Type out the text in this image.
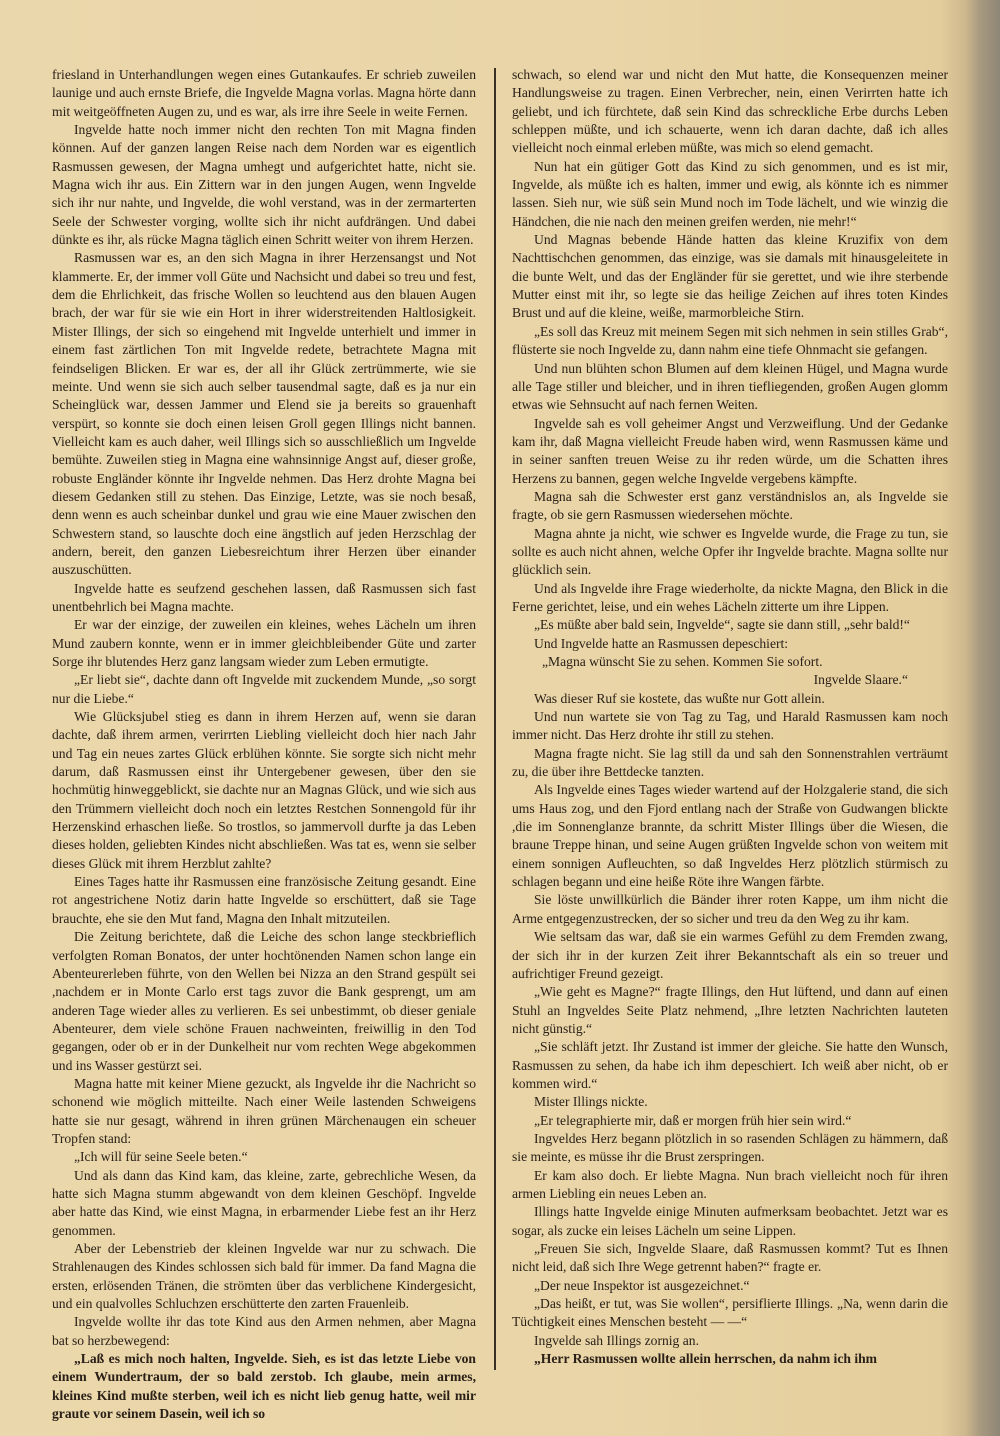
friesland in Unterhandlungen wegen eines Gutankaufes. Er schrieb zuweilen launige und auch ernste Briefe, die Ingvelde Magna vorlas. Magna hörte dann mit weitgeöffneten Augen zu, und es war, als irre ihre Seele in weite Fernen.

Ingvelde hatte noch immer nicht den rechten Ton mit Magna finden können. Auf der ganzen langen Reise nach dem Norden war es eigentlich Rasmussen gewesen, der Magna umhegt und aufgerichtet hatte, nicht sie. Magna wich ihr aus. Ein Zittern war in den jungen Augen, wenn Ingvelde sich ihr nur nahte, und Ingvelde, die wohl verstand, was in der zermarterten Seele der Schwester vorging, wollte sich ihr nicht aufdrängen. Und dabei dünkte es ihr, als rücke Magna täglich einen Schritt weiter von ihrem Herzen.

Rasmussen war es, an den sich Magna in ihrer Herzensangst und Not klammerte. Er, der immer voll Güte und Nachsicht und dabei so treu und fest, dem die Ehrlichkeit, das frische Wollen so leuchtend aus den blauen Augen brach, der war für sie wie ein Hort in ihrer widerstreitenden Haltlosigkeit. Mister Illings, der sich so eingehend mit Ingvelde unterhielt und immer in einem fast zärtlichen Ton mit Ingvelde redete, betrachtete Magna mit feindseligen Blicken. Er war es, der all ihr Glück zertrümmerte, wie sie meinte. Und wenn sie sich auch selber tausendmal sagte, daß es ja nur ein Scheinglück war, dessen Jammer und Elend sie ja bereits so grauenhaft verspürt, so konnte sie doch einen leisen Groll gegen Illings nicht bannen. Vielleicht kam es auch daher, weil Illings sich so ausschließlich um Ingvelde bemühte. Zuweilen stieg in Magna eine wahnsinnige Angst auf, dieser große, robuste Engländer könnte ihr Ingvelde nehmen. Das Herz drohte Magna bei diesem Gedanken still zu stehen. Das Einzige, Letzte, was sie noch besaß, denn wenn es auch scheinbar dunkel und grau wie eine Mauer zwischen den Schwestern stand, so lauschte doch eine ängstlich auf jeden Herzschlag der andern, bereit, den ganzen Liebesreichtum ihrer Herzen über einander auszuschütten.

Ingvelde hatte es seufzend geschehen lassen, daß Rasmussen sich fast unentbehrlich bei Magna machte.

Er war der einzige, der zuweilen ein kleines, wehes Lächeln um ihren Mund zaubern konnte, wenn er in immer gleichbleibender Güte und zarter Sorge ihr blutendes Herz ganz langsam wieder zum Leben ermutigte.

„Er liebt sie“, dachte dann oft Ingvelde mit zuckendem Munde, „so sorgt nur die Liebe.“

Wie Glücksjubel stieg es dann in ihrem Herzen auf, wenn sie daran dachte, daß ihrem armen, verirrten Liebling vielleicht doch hier nach Jahr und Tag ein neues zartes Glück erblühen könnte. Sie sorgte sich nicht mehr darum, daß Rasmussen einst ihr Untergebener gewesen, über den sie hochmütig hinweggeblickt, sie dachte nur an Magnas Glück, und wie sich aus den Trümmern vielleicht doch noch ein letztes Restchen Sonnengold für ihr Herzenskind erhaschen ließe. So trostlos, so jammervoll durfte ja das Leben dieses holden, geliebten Kindes nicht abschließen. Was tat es, wenn sie selber dieses Glück mit ihrem Herzblut zahlte?

Eines Tages hatte ihr Rasmussen eine französische Zeitung gesandt. Eine rot angestrichene Notiz darin hatte Ingvelde so erschüttert, daß sie Tage brauchte, ehe sie den Mut fand, Magna den Inhalt mitzuteilen.

Die Zeitung berichtete, daß die Leiche des schon lange steckbrieflich verfolgten Roman Bonatos, der unter hochtönenden Namen schon lange ein Abenteurerleben führte, von den Wellen bei Nizza an den Strand gespült sei ,nachdem er in Monte Carlo erst tags zuvor die Bank gesprengt, um am anderen Tage wieder alles zu verlieren. Es sei unbestimmt, ob dieser geniale Abenteurer, dem viele schöne Frauen nachweinten, freiwillig in den Tod gegangen, oder ob er in der Dunkelheit nur vom rechten Wege abgekommen und ins Wasser gestürzt sei.

Magna hatte mit keiner Miene gezuckt, als Ingvelde ihr die Nachricht so schonend wie möglich mitteilte. Nach einer Weile lastenden Schweigens hatte sie nur gesagt, während in ihren grünen Märchenaugen ein scheuer Tropfen stand:

„Ich will für seine Seele beten.“

Und als dann das Kind kam, das kleine, zarte, gebrechliche Wesen, da hatte sich Magna stumm abgewandt von dem kleinen Geschöpf. Ingvelde aber hatte das Kind, wie einst Magna, in erbarmender Liebe fest an ihr Herz genommen.

Aber der Lebenstrieb der kleinen Ingvelde war nur zu schwach. Die Strahlenaugen des Kindes schlossen sich bald für immer. Da fand Magna die ersten, erlösenden Tränen, die strömten über das verblichene Kindergesicht, und ein qualvolles Schluchzen erschütterte den zarten Frauenleib.

Ingvelde wollte ihr das tote Kind aus den Armen nehmen, aber Magna bat so herzbewegend:

„Laß es mich noch halten, Ingvelde. Sieh, es ist das letzte Liebe von einem Wundertraum, der so bald zerstob. Ich glaube, mein armes, kleines Kind mußte sterben, weil ich es nicht lieb genug hatte, weil mir graute vor seinem Dasein, weil ich so

schwach, so elend war und nicht den Mut hatte, die Konsequenzen meiner Handlungsweise zu tragen. Einen Verbrecher, nein, einen Verirrten hatte ich geliebt, und ich fürchtete, daß sein Kind das schreckliche Erbe durchs Leben schleppen müßte, und ich schauerte, wenn ich daran dachte, daß ich alles vielleicht noch einmal erleben müßte, was mich so elend gemacht.

Nun hat ein gütiger Gott das Kind zu sich genommen, und es ist mir, Ingvelde, als müßte ich es halten, immer und ewig, als könnte ich es nimmer lassen. Sieh nur, wie süß sein Mund noch im Tode lächelt, und wie winzig die Händchen, die nie nach den meinen greifen werden, nie mehr!“

Und Magnas bebende Hände hatten das kleine Kruzifix von dem Nachttischchen genommen, das einzige, was sie damals mit hinausgeleitete in die bunte Welt, und das der Engländer für sie gerettet, und wie ihre sterbende Mutter einst mit ihr, so legte sie das heilige Zeichen auf ihres toten Kindes Brust und auf die kleine, weiße, marmorbleiche Stirn.

„Es soll das Kreuz mit meinem Segen mit sich nehmen in sein stilles Grab“, flüsterte sie noch Ingvelde zu, dann nahm eine tiefe Ohnmacht sie gefangen.

Und nun blühten schon Blumen auf dem kleinen Hügel, und Magna wurde alle Tage stiller und bleicher, und in ihren tiefliegenden, großen Augen glomm etwas wie Sehnsucht auf nach fernen Weiten.

Ingvelde sah es voll geheimer Angst und Verzweiflung. Und der Gedanke kam ihr, daß Magna vielleicht Freude haben wird, wenn Rasmussen käme und in seiner sanften treuen Weise zu ihr reden würde, um die Schatten ihres Herzens zu bannen, gegen welche Ingvelde vergebens kämpfte.

Magna sah die Schwester erst ganz verständnislos an, als Ingvelde sie fragte, ob sie gern Rasmussen wiedersehen möchte.

Magna ahnte ja nicht, wie schwer es Ingvelde wurde, die Frage zu tun, sie sollte es auch nicht ahnen, welche Opfer ihr Ingvelde brachte. Magna sollte nur glücklich sein.

Und als Ingvelde ihre Frage wiederholte, da nickte Magna, den Blick in die Ferne gerichtet, leise, und ein wehes Lächeln zitterte um ihre Lippen.

„Es müßte aber bald sein, Ingvelde“, sagte sie dann still, „sehr bald!“

Und Ingvelde hatte an Rasmussen depeschiert:

„Magna wünscht Sie zu sehen. Kommen Sie sofort.

Ingvelde Slaare.“

Was dieser Ruf sie kostete, das wußte nur Gott allein.

Und nun wartete sie von Tag zu Tag, und Harald Rasmussen kam noch immer nicht. Das Herz drohte ihr still zu stehen.

Magna fragte nicht. Sie lag still da und sah den Sonnenstrahlen verträumt zu, die über ihre Bettdecke tanzten.

Als Ingvelde eines Tages wieder wartend auf der Holzgalerie stand, die sich ums Haus zog, und den Fjord entlang nach der Straße von Gudwangen blickte ,die im Sonnenglanze brannte, da schritt Mister Illings über die Wiesen, die braune Treppe hinan, und seine Augen grüßten Ingvelde schon von weitem mit einem sonnigen Aufleuchten, so daß Ingveldes Herz plötzlich stürmisch zu schlagen begann und eine heiße Röte ihre Wangen färbte.

Sie löste unwillkürlich die Bänder ihrer roten Kappe, um ihm nicht die Arme entgegenzustrecken, der so sicher und treu da den Weg zu ihr kam.

Wie seltsam das war, daß sie ein warmes Gefühl zu dem Fremden zwang, der sich ihr in der kurzen Zeit ihrer Bekanntschaft als ein so treuer und aufrichtiger Freund gezeigt.

„Wie geht es Magne?“ fragte Illings, den Hut lüftend, und dann auf einen Stuhl an Ingveldes Seite Platz nehmend, „Ihre letzten Nachrichten lauteten nicht günstig.“

„Sie schläft jetzt. Ihr Zustand ist immer der gleiche. Sie hatte den Wunsch, Rasmussen zu sehen, da habe ich ihm depeschiert. Ich weiß aber nicht, ob er kommen wird.“

Mister Illings nickte.

„Er telegraphierte mir, daß er morgen früh hier sein wird.“

Ingveldes Herz begann plötzlich in so rasenden Schlägen zu hämmern, daß sie meinte, es müsse ihr die Brust zerspringen.

Er kam also doch. Er liebte Magna. Nun brach vielleicht noch für ihren armen Liebling ein neues Leben an.

Illings hatte Ingvelde einige Minuten aufmerksam beobachtet. Jetzt war es sogar, als zucke ein leises Lächeln um seine Lippen.

„Freuen Sie sich, Ingvelde Slaare, daß Rasmussen kommt? Tut es Ihnen nicht leid, daß sich Ihre Wege getrennt haben?“ fragte er.

„Der neue Inspektor ist ausgezeichnet.“

„Das heißt, er tut, was Sie wollen“, persiflierte Illings. „Na, wenn darin die Tüchtigkeit eines Menschen besteht — —“

Ingvelde sah Illings zornig an.

„Herr Rasmussen wollte allein herrschen, da nahm ich ihm
